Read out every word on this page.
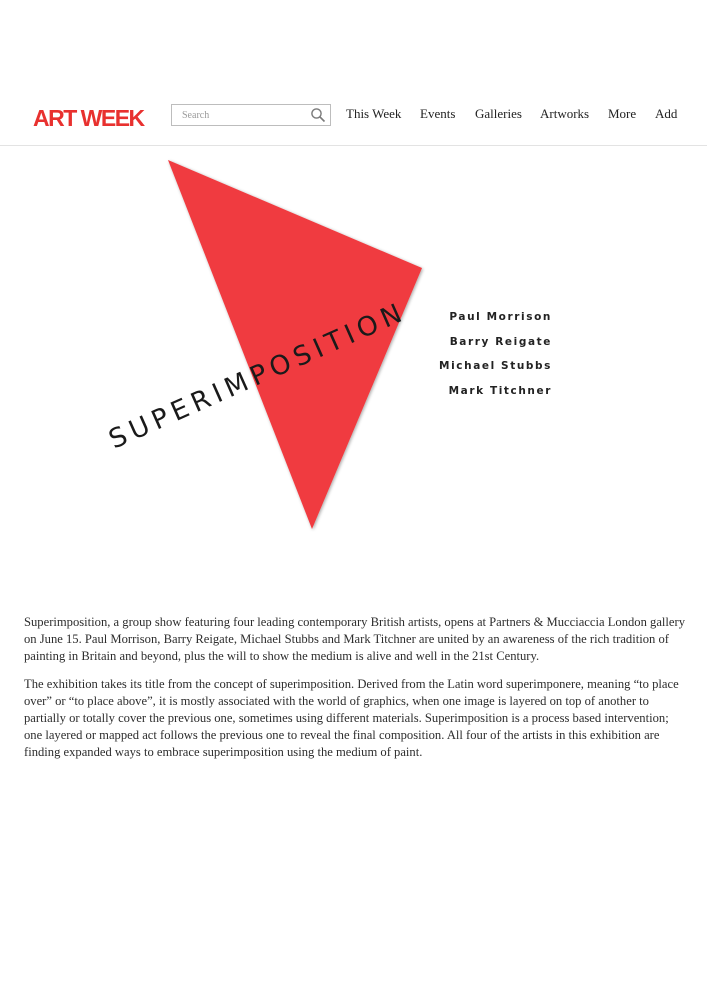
ART WEEK
Search	This Week Events Galleries Artworks More Add
SUPERIMPOSITION	Paul Morrison
Barry Reigate
Michael Stubbs
Mark Titchner

Superimposition, a group show featuring four leading contemporary British artists, opens at Partners & Mucciaccia London gallery on June 15. Paul Morrison, Barry Reigate, Michael Stubbs and Mark Titchner are united by an awareness of the rich tradition of painting in Britain and beyond, plus the will to show the medium is alive and well in the 21st Century.

The exhibition takes its title from the concept of superimposition. Derived from the Latin word superimponere, meaning “to place over” or “to place above”, it is mostly associated with the world of graphics, when one image is layered on top of another to partially or totally cover the previous one, sometimes using different materials. Superimposition is a process based intervention; one layered or mapped act follows the previous one to reveal the final composition. All four of the artists in this exhibition are finding expanded ways to embrace superimposition using the medium of paint.
